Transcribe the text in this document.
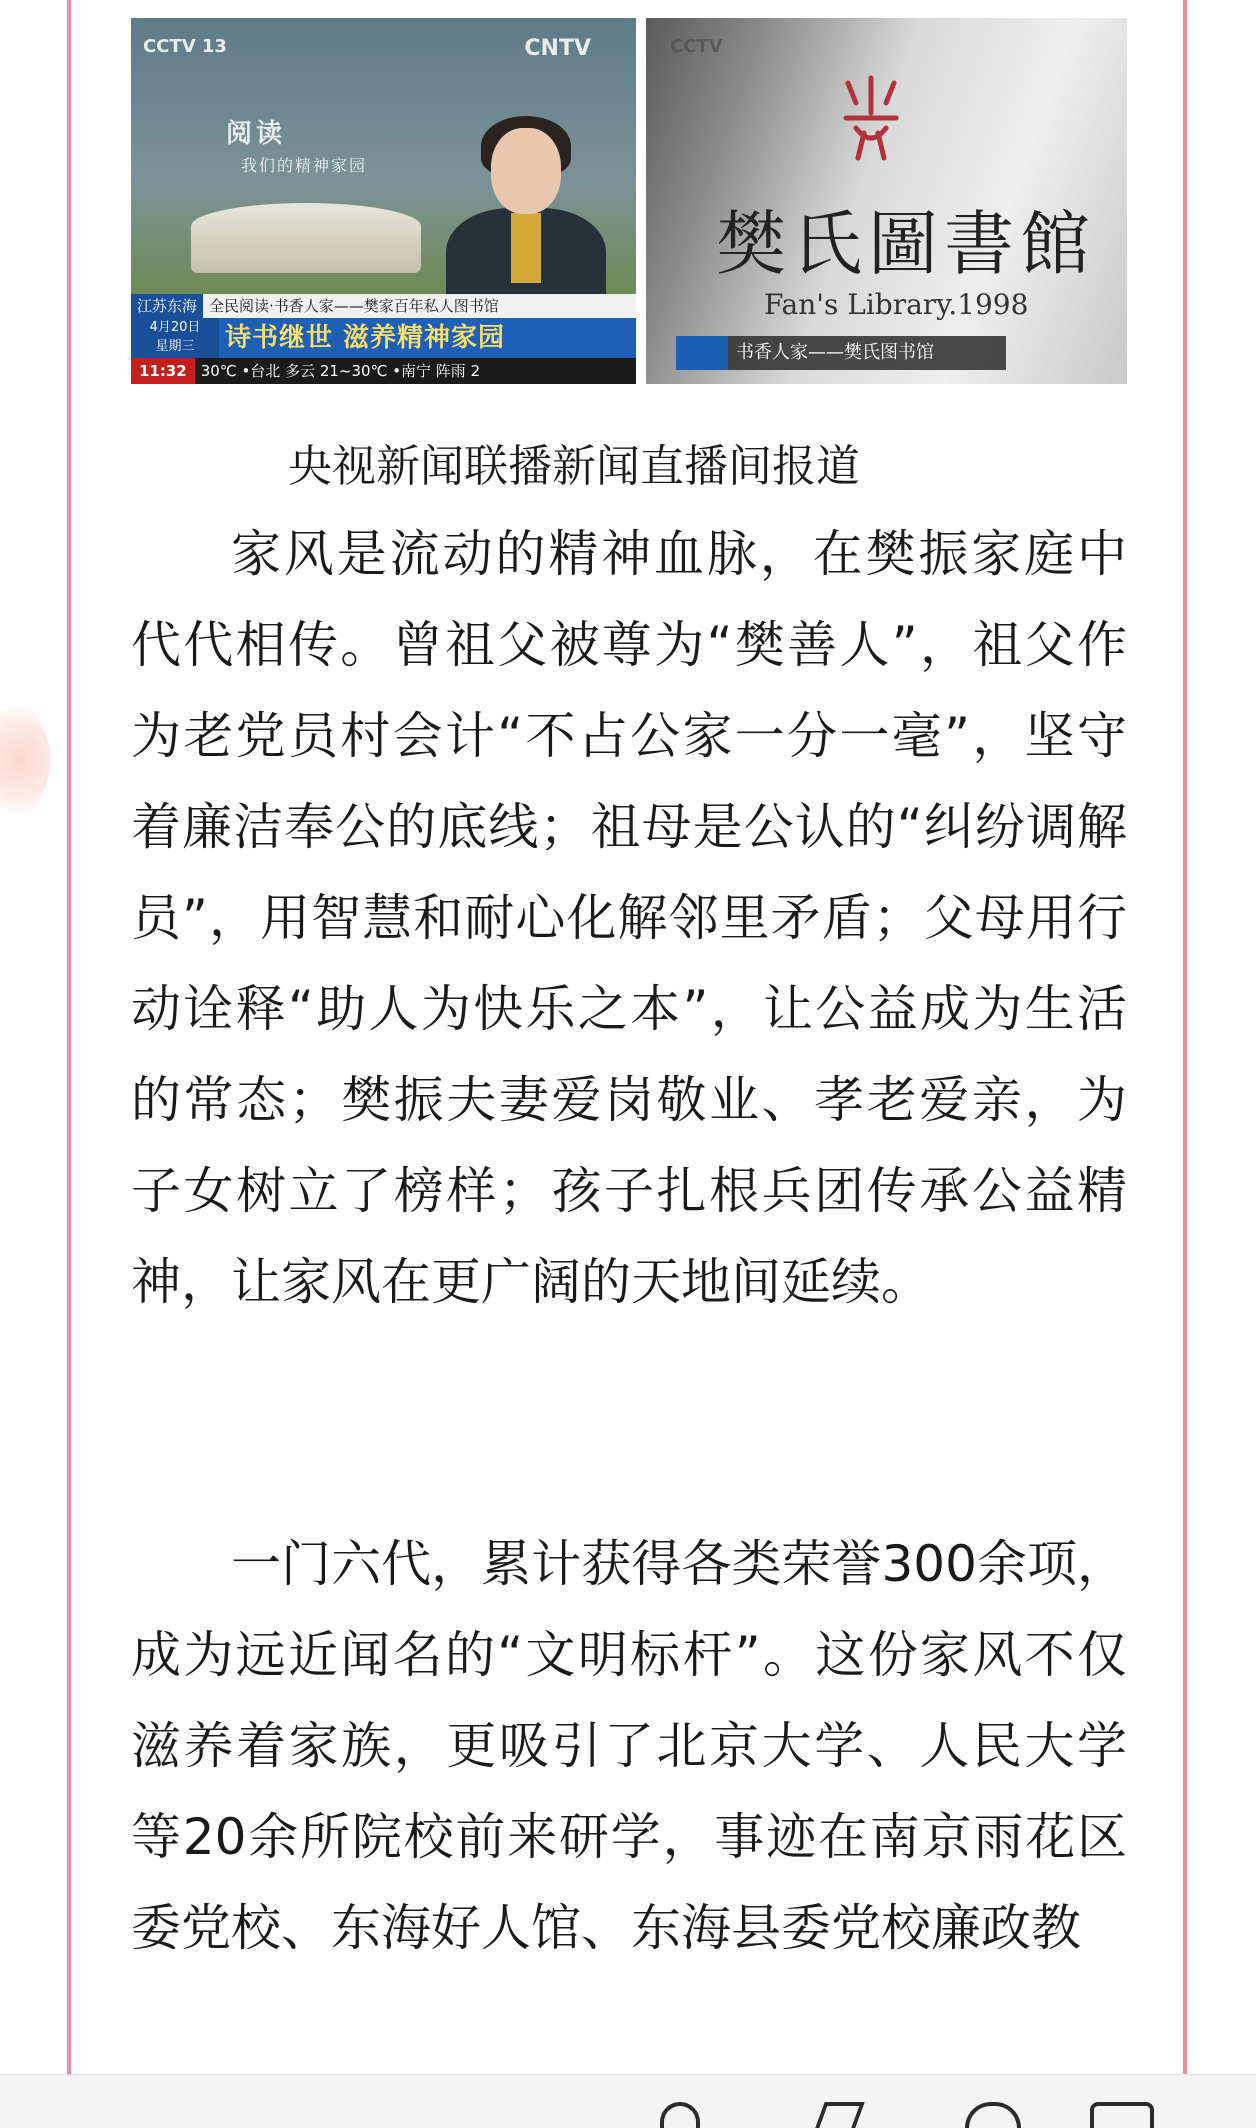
CCTV 13	CNTV
阅读
我们的精神家园
江苏东海 全民阅读·书香人家——樊家百年私人图书馆
4月20日
星期三 诗书继世 滋养精神家园
11:32 30℃ •台北 多云 21~30℃ •南宁 阵雨 2
CCTV
樊氏圖書館
Fan's Library.1998
书香人家——樊氏图书馆
央视新闻联播新闻直播间报道

家风是流动的精神血脉，在樊振家庭中代代相传。曾祖父被尊为“樊善人”，祖父作为老党员村会计“不占公家一分一毫”，坚守着廉洁奉公的底线；祖母是公认的“纠纷调解员”，用智慧和耐心化解邻里矛盾；父母用行动诠释“助人为快乐之本”，让公益成为生活的常态；樊振夫妻爱岗敬业、孝老爱亲，为子女树立了榜样；孩子扎根兵团传承公益精神，让家风在更广阔的天地间延续。

一门六代，累计获得各类荣誉300余项，成为远近闻名的“文明标杆”。这份家风不仅滋养着家族，更吸引了北京大学、人民大学等20余所院校前来研学，事迹在南京雨花区委党校、东海好人馆、东海县委党校廉政教
